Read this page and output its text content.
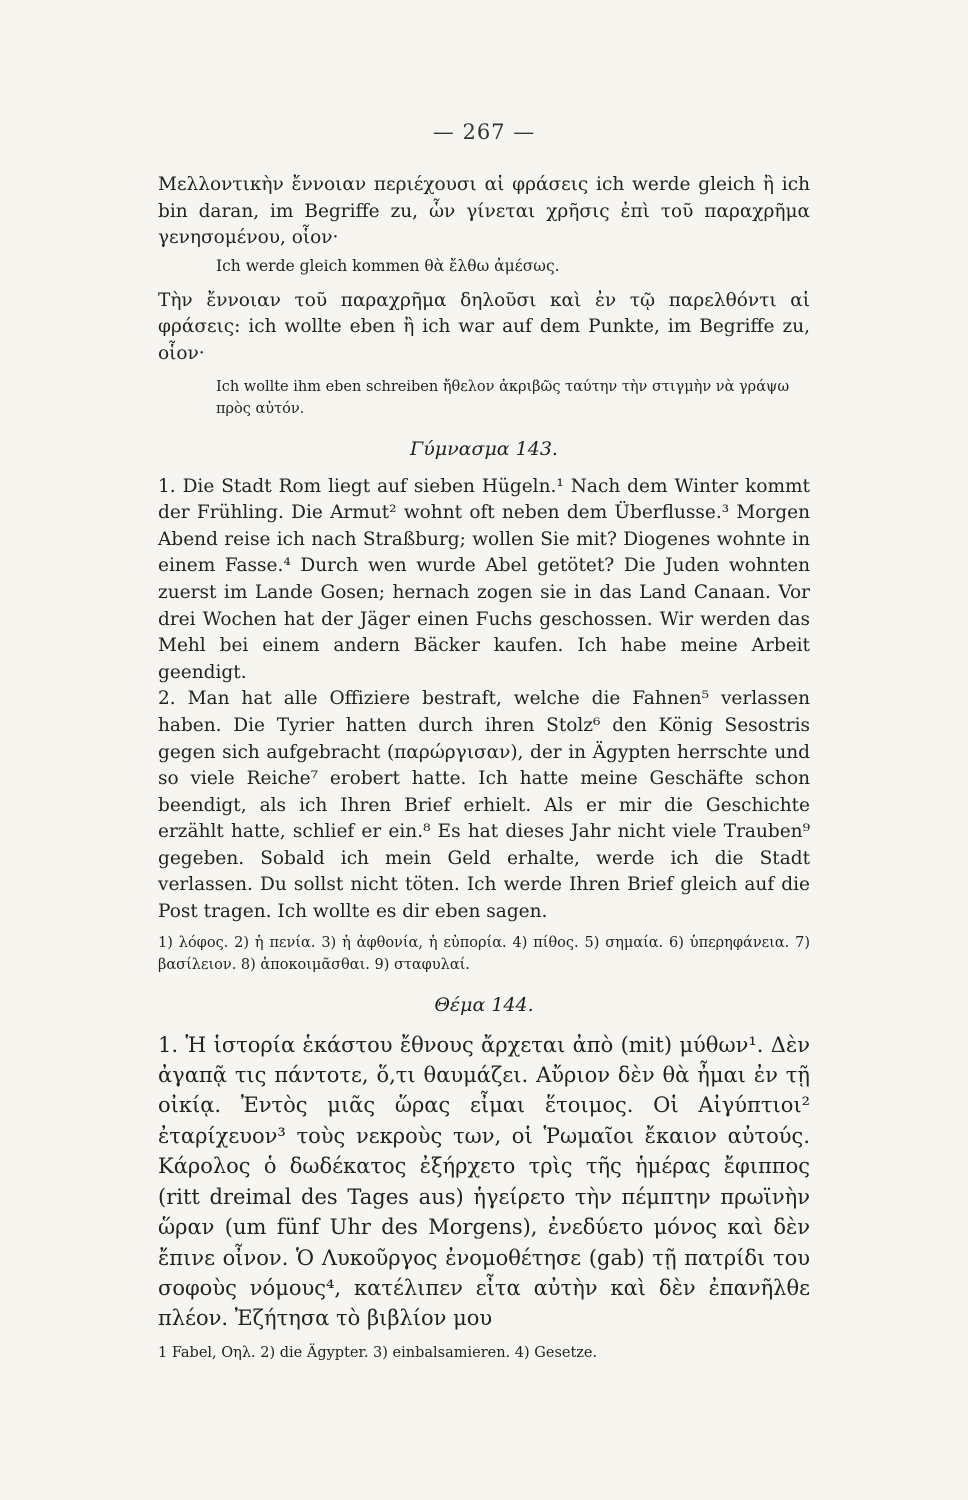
— 267 —

Μελλοντικὴν ἔννοιαν περιέχουσι αἱ φράσεις ich werde gleich ἢ ich bin daran, im Begriffe zu, ὧν γίνεται χρῆσις ἐπὶ τοῦ παραχρῆμα γενησομένου, οἷον·

Ich werde gleich kommen θὰ ἔλθω ἀμέσως.

Τὴν ἔννοιαν τοῦ παραχρῆμα δηλοῦσι καὶ ἐν τῷ παρελθόντι αἱ φράσεις: ich wollte eben ἢ ich war auf dem Punkte, im Begriffe zu, οἷον·

Ich wollte ihm eben schreiben ἤθελον ἀκριβῶς ταύτην τὴν στιγμὴν νὰ γράψω πρὸς αὐτόν.
Γύμνασμα 143.

1. Die Stadt Rom liegt auf sieben Hügeln.¹ Nach dem Winter kommt der Frühling. Die Armut² wohnt oft neben dem Überflusse.³ Morgen Abend reise ich nach Straßburg; wollen Sie mit? Diogenes wohnte in einem Fasse.⁴ Durch wen wurde Abel getötet? Die Juden wohnten zuerst im Lande Gosen; hernach zogen sie in das Land Canaan. Vor drei Wochen hat der Jäger einen Fuchs geschossen. Wir werden das Mehl bei einem andern Bäcker kaufen. Ich habe meine Arbeit geendigt.

2. Man hat alle Offiziere bestraft, welche die Fahnen⁵ verlassen haben. Die Tyrier hatten durch ihren Stolz⁶ den König Sesostris gegen sich aufgebracht (παρώργισαν), der in Ägypten herrschte und so viele Reiche⁷ erobert hatte. Ich hatte meine Geschäfte schon beendigt, als ich Ihren Brief erhielt. Als er mir die Geschichte erzählt hatte, schlief er ein.⁸ Es hat dieses Jahr nicht viele Trauben⁹ gegeben. Sobald ich mein Geld erhalte, werde ich die Stadt verlassen. Du sollst nicht töten. Ich werde Ihren Brief gleich auf die Post tragen. Ich wollte es dir eben sagen.

1) λόφος. 2) ἡ πενία. 3) ἡ ἀφθονία, ἡ εὐπορία. 4) πίθος. 5) σημαία. 6) ὑπερηφάνεια. 7) βασίλειον. 8) ἀποκοιμᾶσθαι. 9) σταφυλαί.
Θέμα 144.

1. Ἡ ἱστορία ἑκάστου ἔθνους ἄρχεται ἀπὸ (mit) μύθων¹. Δὲν ἀγαπᾷ τις πάντοτε, ὅ,τι θαυμάζει. Αὔριον δὲν θὰ ἦμαι ἐν τῇ οἰκίᾳ. Ἐντὸς μιᾶς ὥρας εἶμαι ἕτοιμος. Οἱ Αἰγύπτιοι² ἐταρίχευον³ τοὺς νεκροὺς των, οἱ Ῥωμαῖοι ἔκαιον αὐτούς. Κάρολος ὁ δωδέκατος ἐξήρχετο τρὶς τῆς ἡμέρας ἔφιππος (ritt dreimal des Tages aus) ἡγείρετο τὴν πέμπτην πρωϊνὴν ὥραν (um fünf Uhr des Morgens), ἐνεδύετο μόνος καὶ δὲν ἔπινε οἶνον. Ὁ Λυκοῦργος ἐνομοθέτησε (gab) τῇ πατρίδι του σοφοὺς νόμους⁴, κατέλιπεν εἶτα αὐτὴν καὶ δὲν ἐπανῆλθε πλέον. Ἐζήτησα τὸ βιβλίον μου

1 Fabel, Οηλ. 2) die Ägypter. 3) einbalsamieren. 4) Gesetze.
